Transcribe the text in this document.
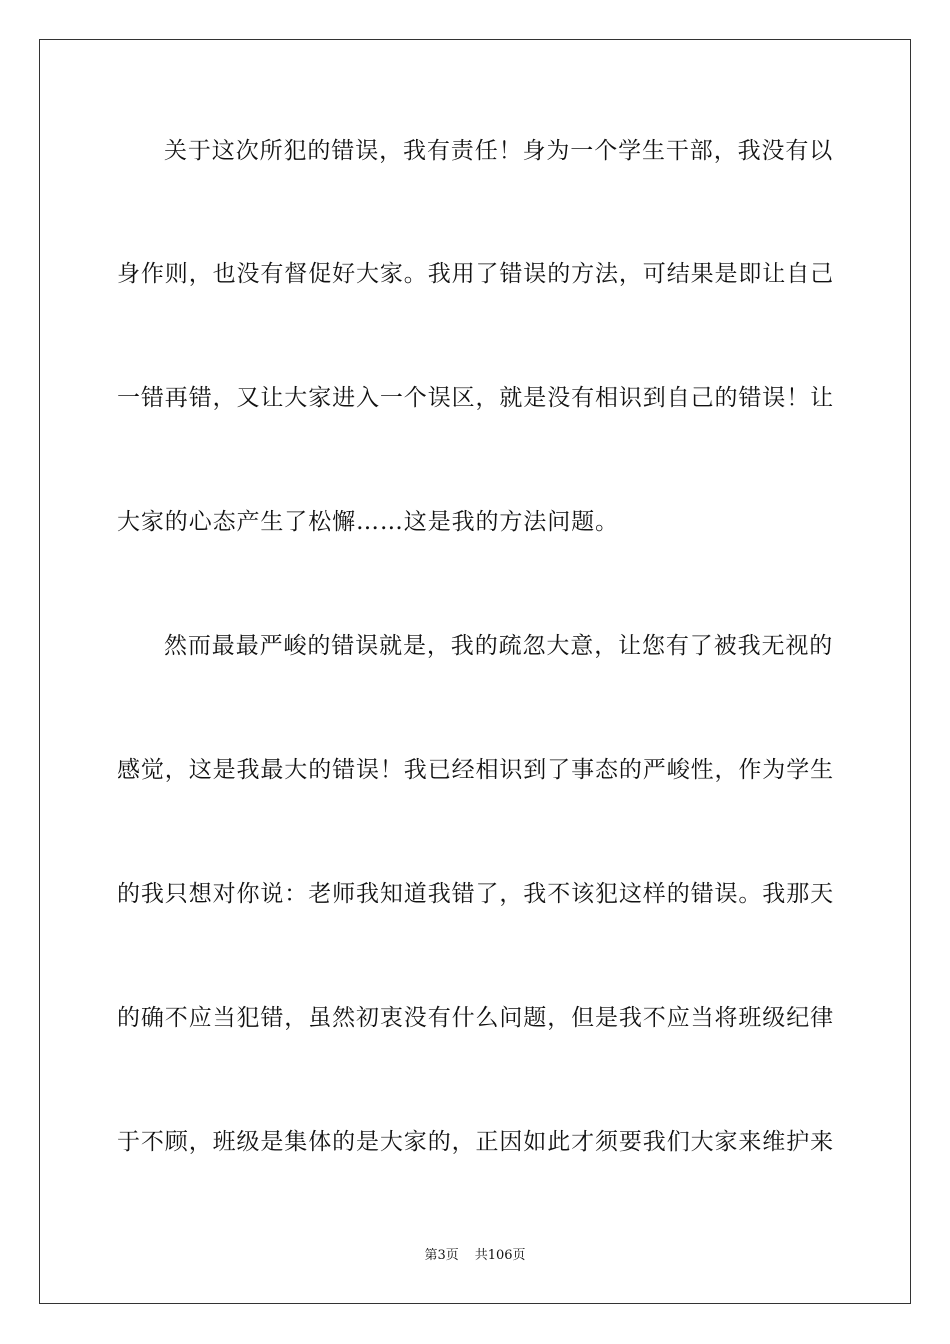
关于这次所犯的错误，我有责任！身为一个学生干部，我没有以
身作则，也没有督促好大家。我用了错误的方法，可结果是即让自己
一错再错，又让大家进入一个误区，就是没有相识到自己的错误！让
大家的心态产生了松懈……这是我的方法问题。
然而最最严峻的错误就是，我的疏忽大意，让您有了被我无视的
感觉，这是我最大的错误！我已经相识到了事态的严峻性，作为学生
的我只想对你说：老师我知道我错了，我不该犯这样的错误。我那天
的确不应当犯错，虽然初衷没有什么问题，但是我不应当将班级纪律
于不顾，班级是集体的是大家的，正因如此才须要我们大家来维护来
第3页 共106页
